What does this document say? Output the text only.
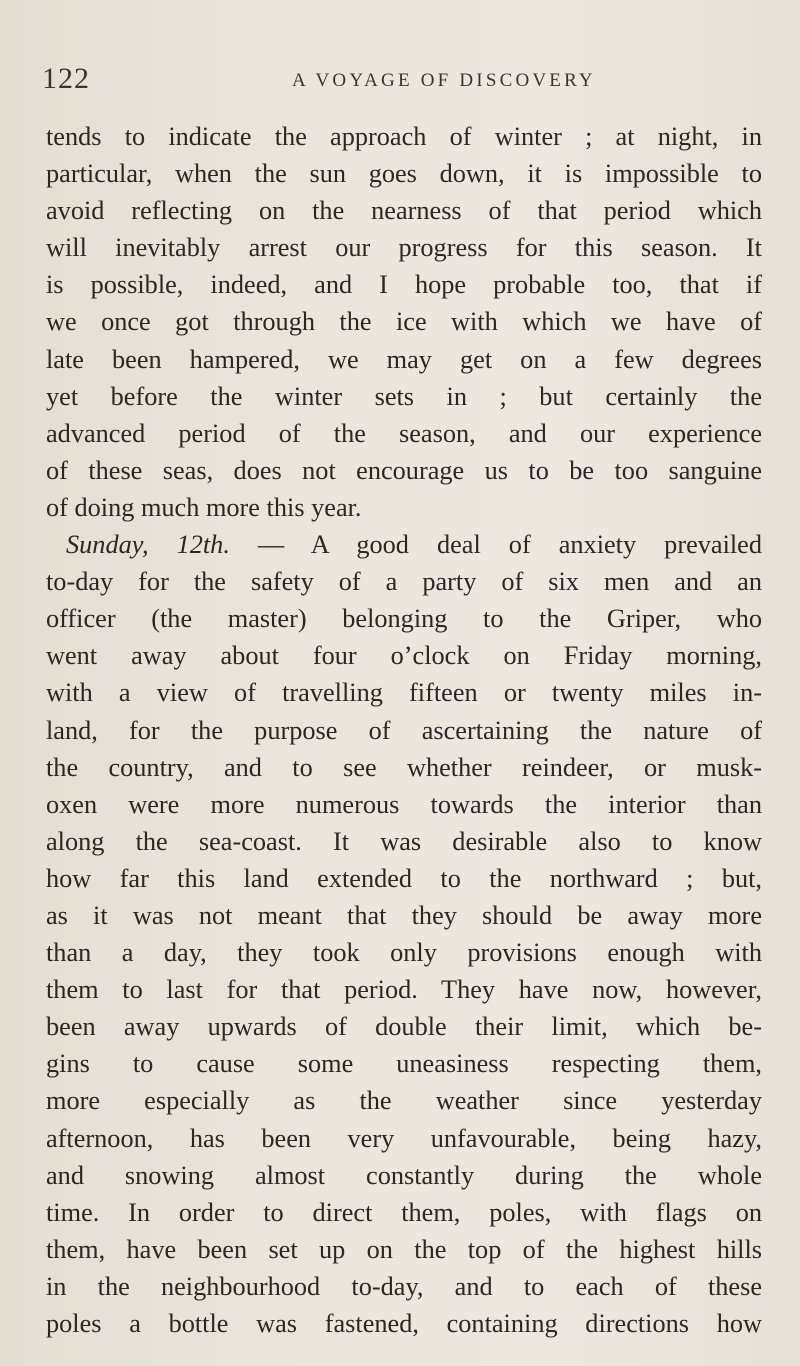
122	A VOYAGE OF DISCOVERY
tends to indicate the approach of winter ; at night, in
particular, when the sun goes down, it is impossible to
avoid reflecting on the nearness of that period which
will inevitably arrest our progress for this season. It
is possible, indeed, and I hope probable too, that if
we once got through the ice with which we have of
late been hampered, we may get on a few degrees
yet before the winter sets in ; but certainly the
advanced period of the season, and our experience
of these seas, does not encourage us to be too sanguine
of doing much more this year.
Sunday, 12th. — A good deal of anxiety prevailed
to-day for the safety of a party of six men and an
officer (the master) belonging to the Griper, who
went away about four o’clock on Friday morning,
with a view of travelling fifteen or twenty miles in-
land, for the purpose of ascertaining the nature of
the country, and to see whether reindeer, or musk-
oxen were more numerous towards the interior than
along the sea-coast. It was desirable also to know
how far this land extended to the northward ; but,
as it was not meant that they should be away more
than a day, they took only provisions enough with
them to last for that period. They have now, however,
been away upwards of double their limit, which be-
gins to cause some uneasiness respecting them,
more especially as the weather since yesterday
afternoon, has been very unfavourable, being hazy,
and snowing almost constantly during the whole
time. In order to direct them, poles, with flags on
them, have been set up on the top of the highest hills
in the neighbourhood to-day, and to each of these
poles a bottle was fastened, containing directions how
